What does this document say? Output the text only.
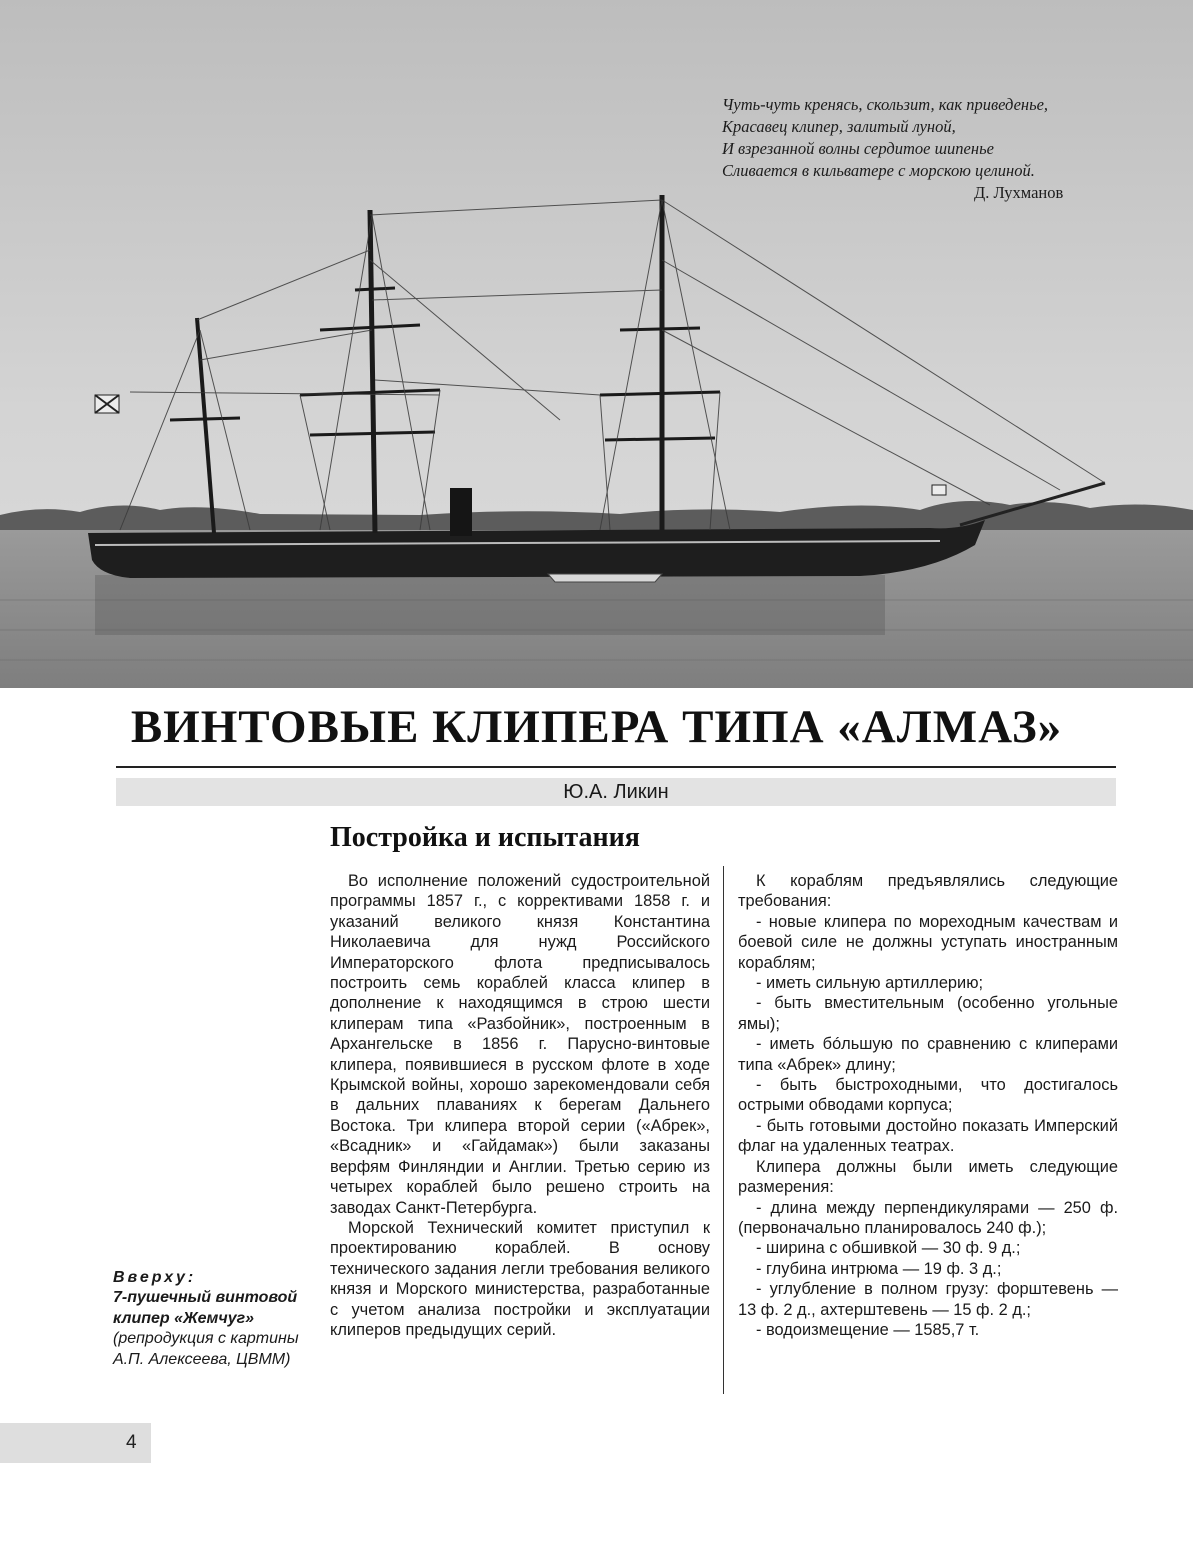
Чуть-чуть кренясь, скользит, как приведенье,
Красавец клипер, залитый луной,
И взрезанной волны сердитое шипенье
Сливается в кильватере с морскою целиной.
Д. Лухманов
ВИНТОВЫЕ КЛИПЕРА ТИПА «АЛМАЗ»
Ю.А. Ликин
Постройка и испытания

Во исполнение положений судостроительной программы 1857 г., с коррективами 1858 г. и указаний великого князя Константина Николаевича для нужд Российского Императорского флота предписывалось построить семь кораблей класса клипер в дополнение к находящимся в строю шести клиперам типа «Разбойник», построенным в Архангельске в 1856 г. Парусно-винтовые клипера, появившиеся в русском флоте в ходе Крымской войны, хорошо зарекомендовали себя в дальних плаваниях к берегам Дальнего Востока. Три клипера второй серии («Абрек», «Всадник» и «Гайдамак») были заказаны верфям Финляндии и Англии. Третью серию из четырех кораблей было решено строить на заводах Санкт-Петербурга.

Морской Технический комитет приступил к проектированию кораблей. В основу технического задания легли требования великого князя и Морского министерства, разработанные с учетом анализа постройки и эксплуатации клиперов предыдущих серий.

К кораблям предъявлялись следующие требования:

- новые клипера по мореходным качествам и боевой силе не должны уступать иностранным кораблям;

- иметь сильную артиллерию;

- быть вместительным (особенно угольные ямы);

- иметь бóльшую по сравнению с клиперами типа «Абрек» длину;

- быть быстроходными, что достигалось острыми обводами корпуса;

- быть готовыми достойно показать Имперский флаг на удаленных театрах.

Клипера должны были иметь следующие размерения:

- длина между перпендикулярами — 250 ф. (первоначально планировалось 240 ф.);

- ширина с обшивкой — 30 ф. 9 д.;

- глубина интрюма — 19 ф. 3 д.;

- углубление в полном грузу: форштевень — 13 ф. 2 д., ахтерштевень — 15 ф. 2 д.;

- водоизмещение — 1585,7 т.

Вверху:
7-пушечный винтовой клипер «Жемчуг» (репродукция с картины А.П. Алексеева, ЦВММ)
4
